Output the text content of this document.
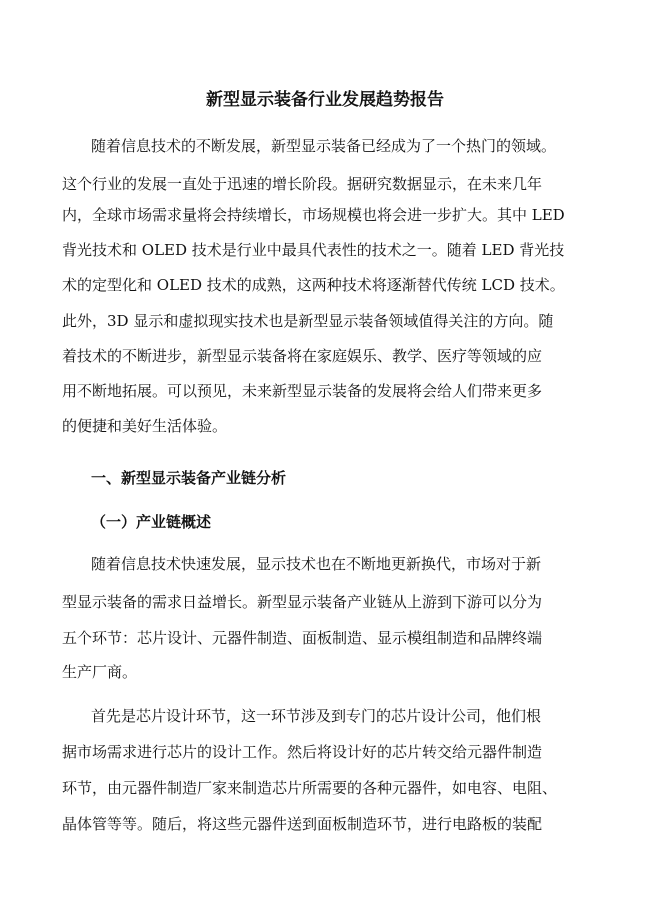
新型显示装备行业发展趋势报告

随着信息技术的不断发展，新型显示装备已经成为了一个热门的领域。

这个行业的发展一直处于迅速的增长阶段。据研究数据显示，在未来几年

内，全球市场需求量将会持续增长，市场规模也将会进一步扩大。其中 LED

背光技术和 OLED 技术是行业中最具代表性的技术之一。随着 LED 背光技

术的定型化和 OLED 技术的成熟，这两种技术将逐渐替代传统 LCD 技术。

此外，3D 显示和虚拟现实技术也是新型显示装备领域值得关注的方向。随

着技术的不断进步，新型显示装备将在家庭娱乐、教学、医疗等领域的应

用不断地拓展。可以预见，未来新型显示装备的发展将会给人们带来更多

的便捷和美好生活体验。

一、新型显示装备产业链分析
（一）产业链概述

随着信息技术快速发展，显示技术也在不断地更新换代，市场对于新

型显示装备的需求日益增长。新型显示装备产业链从上游到下游可以分为

五个环节：芯片设计、元器件制造、面板制造、显示模组制造和品牌终端

生产厂商。

首先是芯片设计环节，这一环节涉及到专门的芯片设计公司，他们根

据市场需求进行芯片的设计工作。然后将设计好的芯片转交给元器件制造

环节，由元器件制造厂家来制造芯片所需要的各种元器件，如电容、电阻、

晶体管等等。随后，将这些元器件送到面板制造环节，进行电路板的装配
